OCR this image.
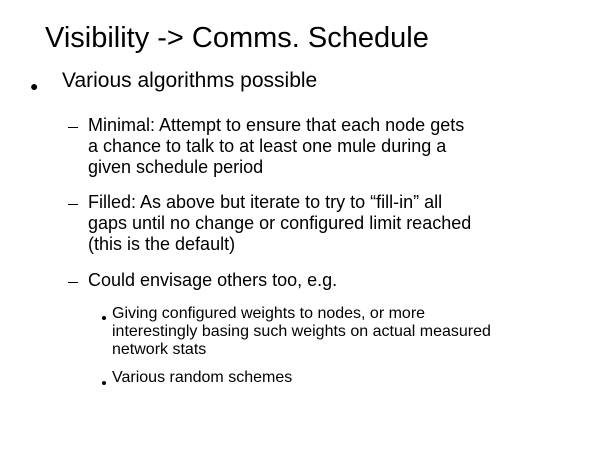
Visibility -> Comms. Schedule
● Various algorithms possible
Minimal: Attempt to ensure that each node gets
a chance to talk to at least one mule during a
given schedule period
Filled: As above but iterate to try to “fill-in” all
gaps until no change or configured limit reached
(this is the default)
Could envisage others too, e.g.
Giving configured weights to nodes, or more
interestingly basing such weights on actual measured
network stats
Various random schemes
